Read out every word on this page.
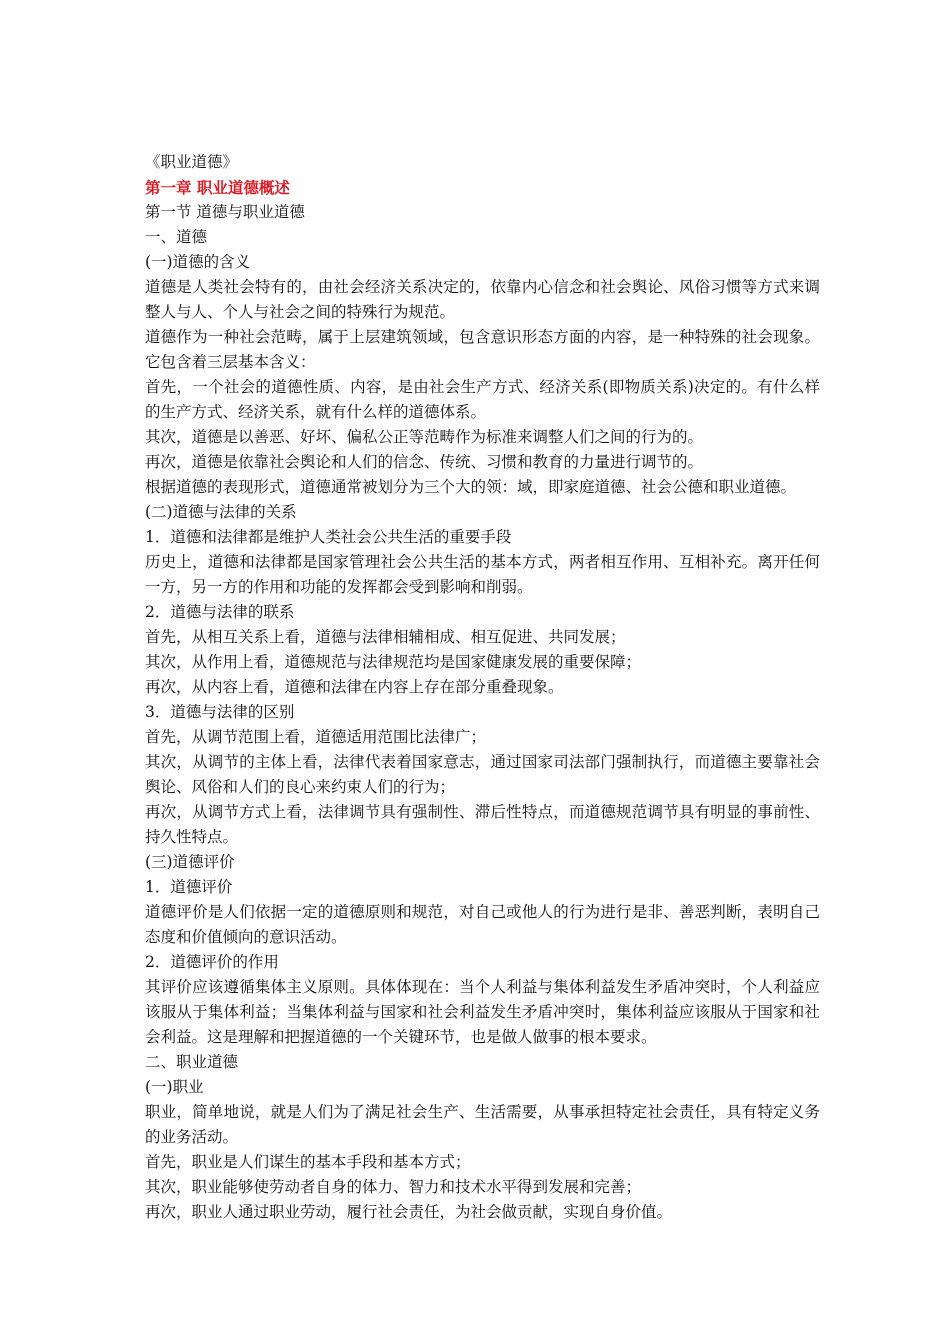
《职业道德》
第一章 职业道德概述
第一节 道德与职业道德
一、道德
(一)道德的含义
道德是人类社会特有的，由社会经济关系决定的，依靠内心信念和社会舆论、风俗习惯等方式来调整人与人、个人与社会之间的特殊行为规范。
道德作为一种社会范畴，属于上层建筑领域，包含意识形态方面的内容，是一种特殊的社会现象。它包含着三层基本含义：
首先，一个社会的道德性质、内容，是由社会生产方式、经济关系(即物质关系)决定的。有什么样的生产方式、经济关系，就有什么样的道德体系。
其次，道德是以善恶、好坏、偏私公正等范畴作为标准来调整人们之间的行为的。
再次，道德是依靠社会舆论和人们的信念、传统、习惯和教育的力量进行调节的。
根据道德的表现形式，道德通常被划分为三个大的领：域，即家庭道德、社会公德和职业道德。
(二)道德与法律的关系
1．道德和法律都是维护人类社会公共生活的重要手段
历史上，道德和法律都是国家管理社会公共生活的基本方式，两者相互作用、互相补充。离开任何一方，另一方的作用和功能的发挥都会受到影响和削弱。
2．道德与法律的联系
首先，从相互关系上看，道德与法律相辅相成、相互促进、共同发展；
其次，从作用上看，道德规范与法律规范均是国家健康发展的重要保障；
再次，从内容上看，道德和法律在内容上存在部分重叠现象。
3．道德与法律的区别
首先，从调节范围上看，道德适用范围比法律广；
其次，从调节的主体上看，法律代表着国家意志，通过国家司法部门强制执行，而道德主要靠社会舆论、风俗和人们的良心来约束人们的行为；
再次，从调节方式上看，法律调节具有强制性、滞后性特点，而道德规范调节具有明显的事前性、持久性特点。
(三)道德评价
1．道德评价
道德评价是人们依据一定的道德原则和规范，对自己或他人的行为进行是非、善恶判断，表明自己态度和价值倾向的意识活动。
2．道德评价的作用
其评价应该遵循集体主义原则。具体体现在：当个人利益与集体利益发生矛盾冲突时，个人利益应该服从于集体利益；当集体利益与国家和社会利益发生矛盾冲突时，集体利益应该服从于国家和社会利益。这是理解和把握道德的一个关键环节，也是做人做事的根本要求。
二、职业道德
(一)职业
职业，简单地说，就是人们为了满足社会生产、生活需要，从事承担特定社会责任，具有特定义务的业务活动。
首先，职业是人们谋生的基本手段和基本方式；
其次，职业能够使劳动者自身的体力、智力和技术水平得到发展和完善；
再次，职业人通过职业劳动，履行社会责任，为社会做贡献，实现自身价值。
